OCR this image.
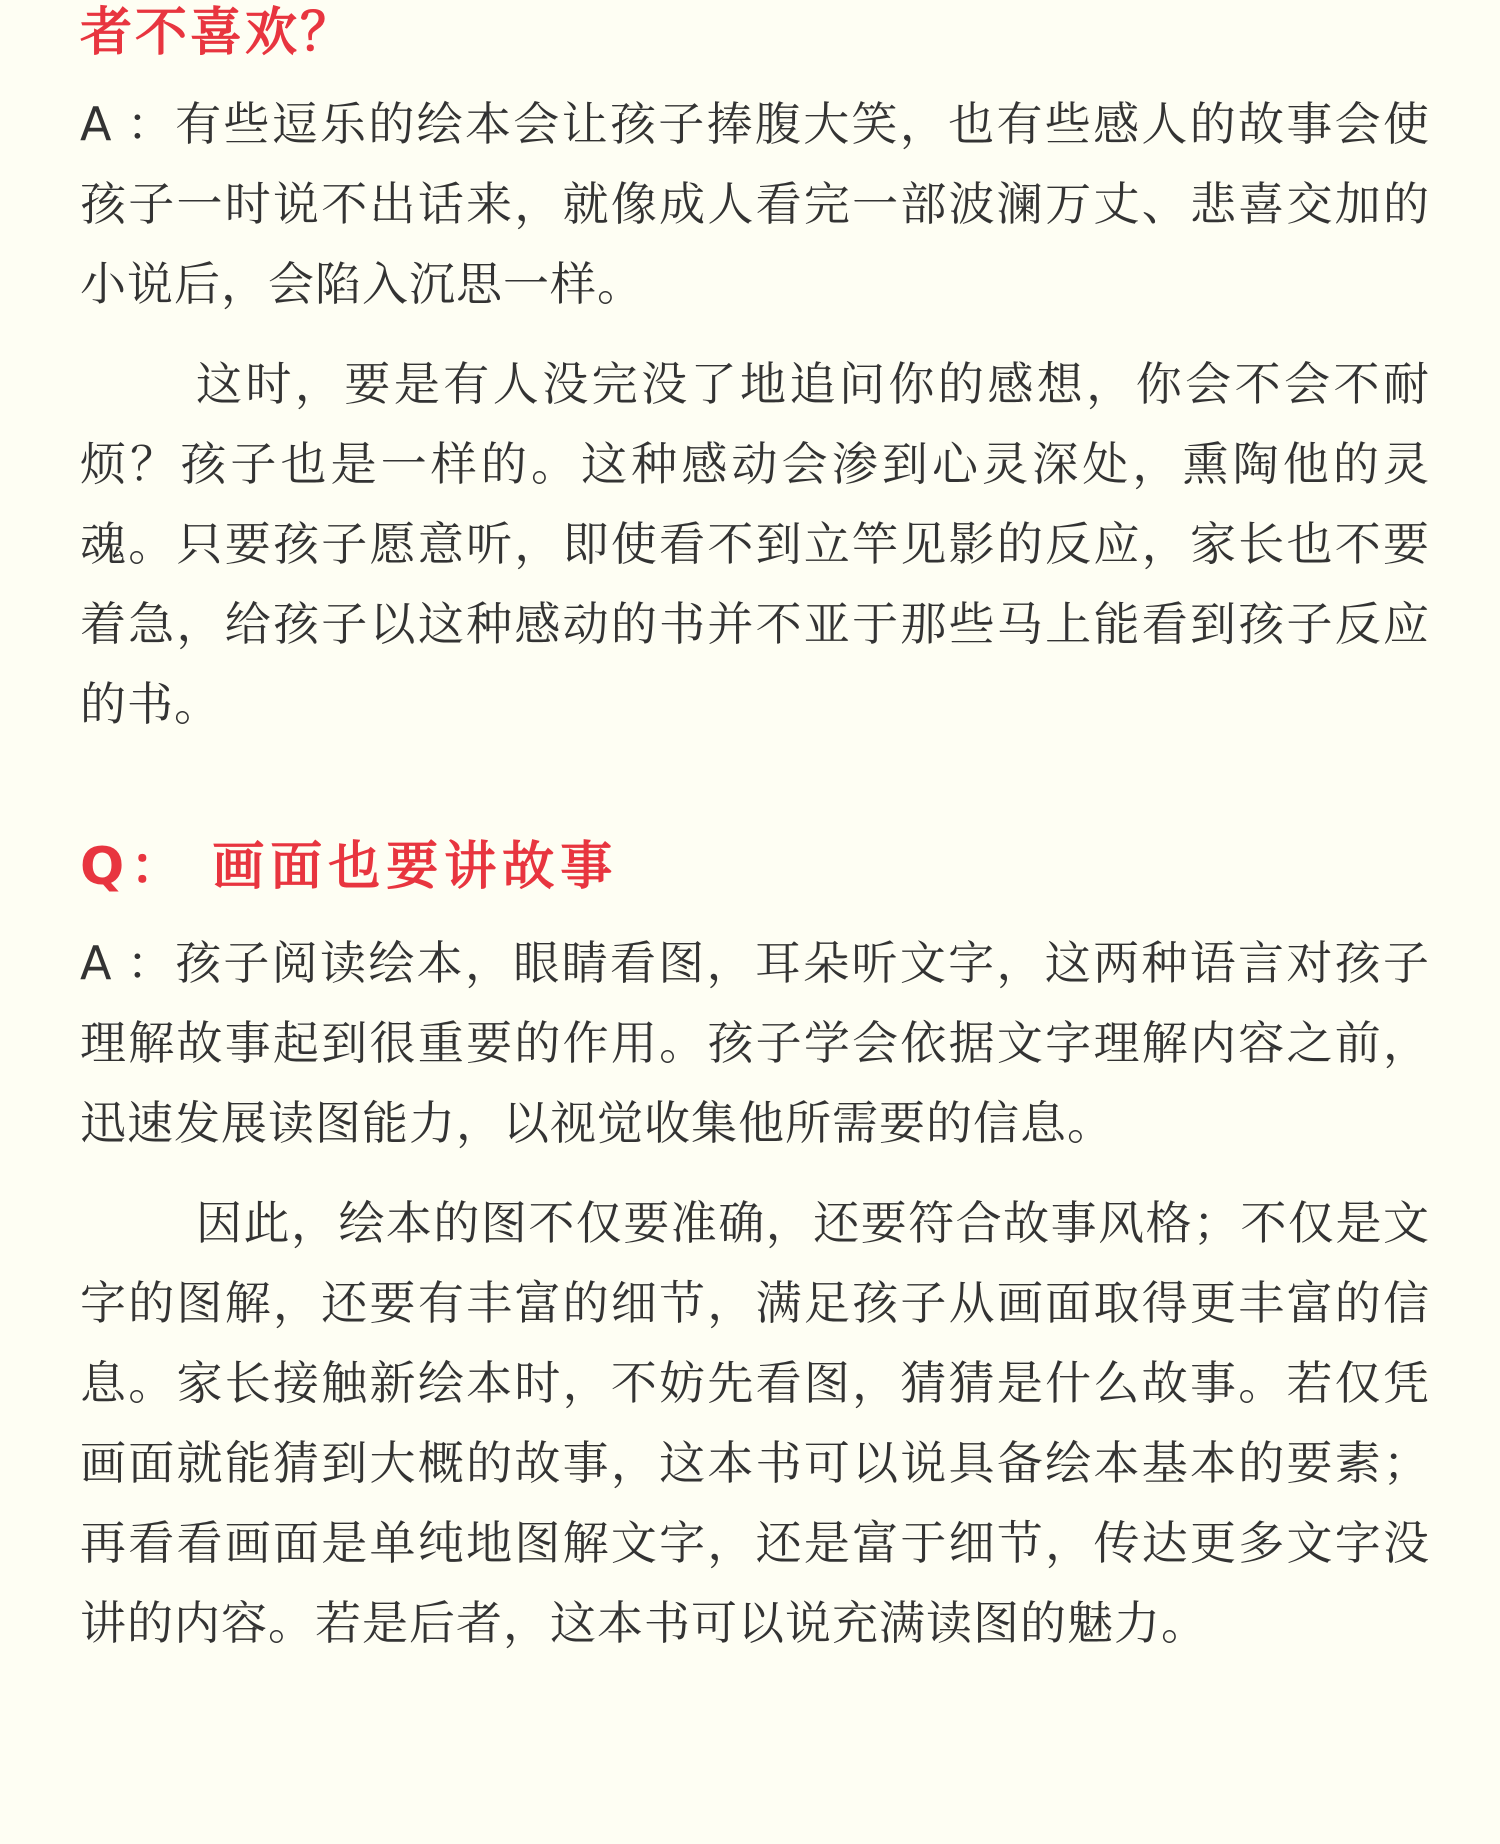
者不喜欢？

A：有些逗乐的绘本会让孩子捧腹大笑，也有些感人的故事会使孩子一时说不出话来，就像成人看完一部波澜万丈、悲喜交加的小说后，会陷入沉思一样。

这时，要是有人没完没了地追问你的感想，你会不会不耐烦？孩子也是一样的。这种感动会渗到心灵深处，熏陶他的灵魂。只要孩子愿意听，即使看不到立竿见影的反应，家长也不要着急，给孩子以这种感动的书并不亚于那些马上能看到孩子反应的书。

Q： 画面也要讲故事

A：孩子阅读绘本，眼睛看图，耳朵听文字，这两种语言对孩子理解故事起到很重要的作用。孩子学会依据文字理解内容之前，迅速发展读图能力，以视觉收集他所需要的信息。

因此，绘本的图不仅要准确，还要符合故事风格；不仅是文字的图解，还要有丰富的细节，满足孩子从画面取得更丰富的信息。家长接触新绘本时，不妨先看图，猜猜是什么故事。若仅凭画面就能猜到大概的故事，这本书可以说具备绘本基本的要素；再看看画面是单纯地图解文字，还是富于细节，传达更多文字没讲的内容。若是后者，这本书可以说充满读图的魅力。
